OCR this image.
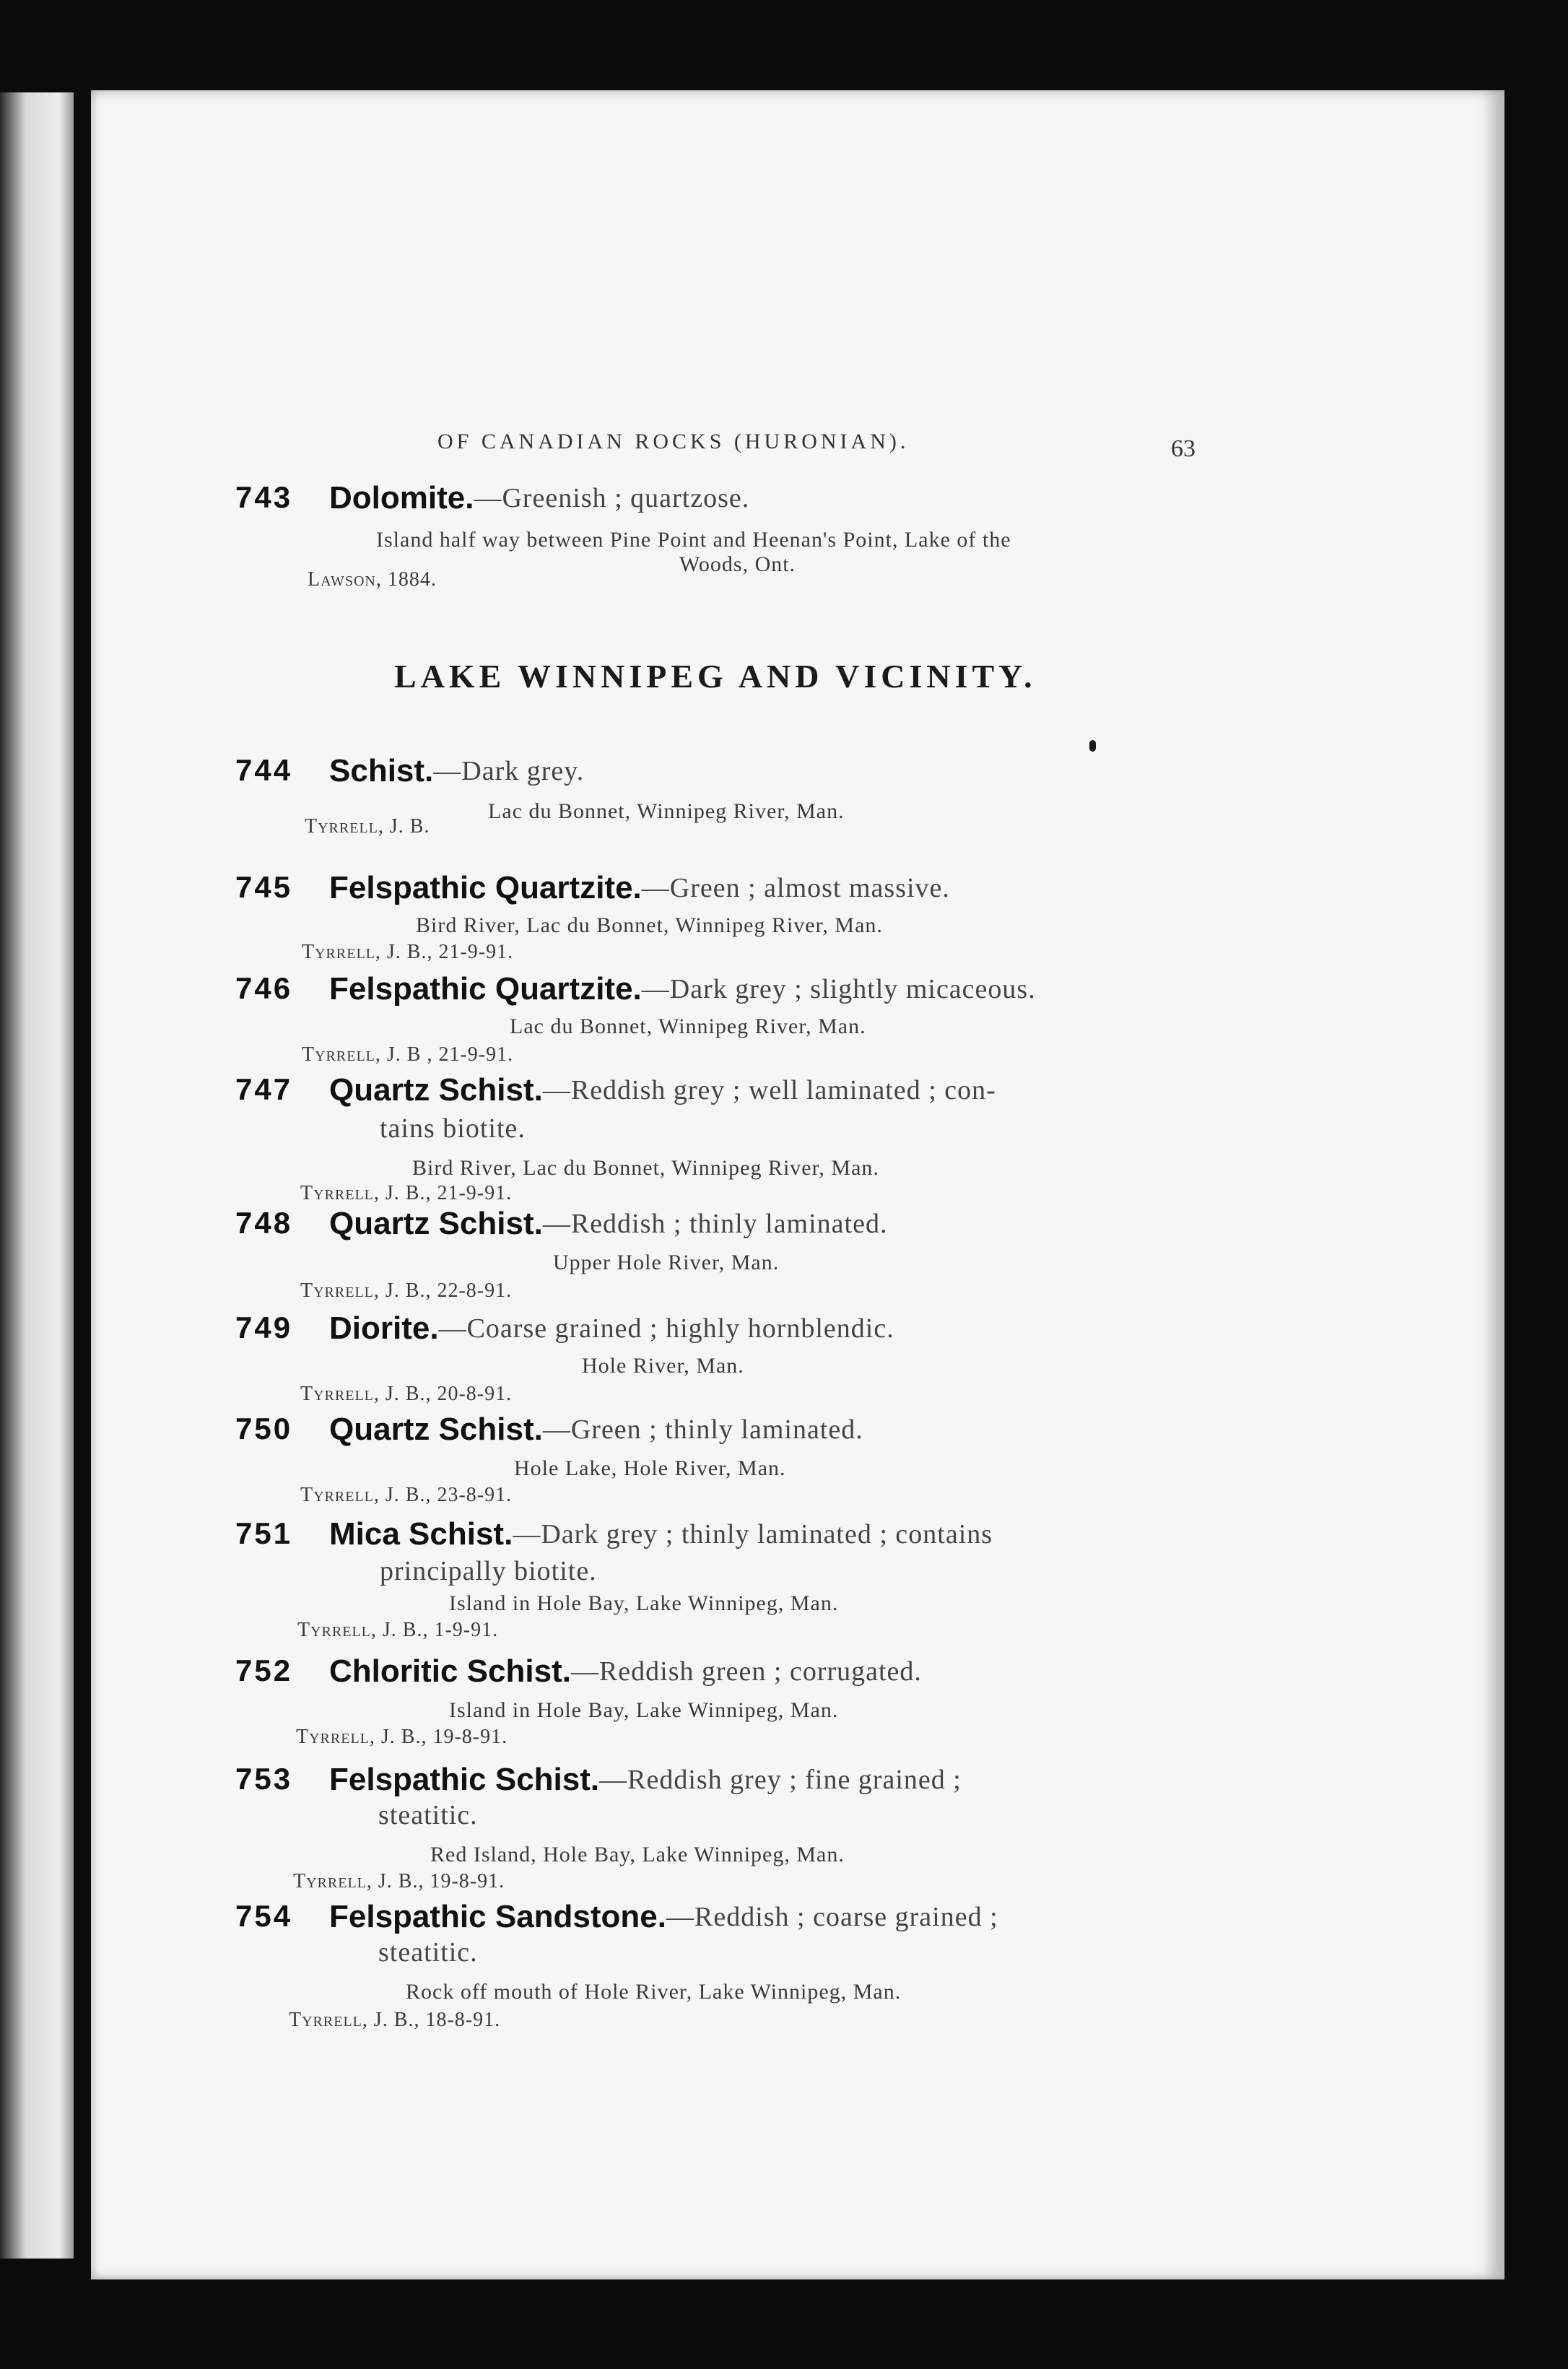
OF CANADIAN ROCKS (HURONIAN).	63
743	Dolomite.—Greenish ; quartzose.
Island half way between Pine Point and Heenan's Point, Lake of the
Woods, Ont.
Lawson, 1884.
LAKE WINNIPEG AND VICINITY.
744	Schist.—Dark grey.
Lac du Bonnet, Winnipeg River, Man.
Tyrrell, J. B.
745	Felspathic Quartzite.—Green ; almost massive.
Bird River, Lac du Bonnet, Winnipeg River, Man.
Tyrrell, J. B., 21-9-91.
746	Felspathic Quartzite.—Dark grey ; slightly micaceous.
Lac du Bonnet, Winnipeg River, Man.
Tyrrell, J. B , 21-9-91.
747	Quartz Schist.—Reddish grey ; well laminated ; con-
tains biotite.
Bird River, Lac du Bonnet, Winnipeg River, Man.
Tyrrell, J. B., 21-9-91.
748	Quartz Schist.—Reddish ; thinly laminated.
Upper Hole River, Man.
Tyrrell, J. B., 22-8-91.
749	Diorite.—Coarse grained ; highly hornblendic.
Hole River, Man.
Tyrrell, J. B., 20-8-91.
750	Quartz Schist.—Green ; thinly laminated.
Hole Lake, Hole River, Man.
Tyrrell, J. B., 23-8-91.
751	Mica Schist.—Dark grey ; thinly laminated ; contains
principally biotite.
Island in Hole Bay, Lake Winnipeg, Man.
Tyrrell, J. B., 1-9-91.
752	Chloritic Schist.—Reddish green ; corrugated.
Island in Hole Bay, Lake Winnipeg, Man.
Tyrrell, J. B., 19-8-91.
753	Felspathic Schist.—Reddish grey ; fine grained ;
steatitic.
Red Island, Hole Bay, Lake Winnipeg, Man.
Tyrrell, J. B., 19-8-91.
754	Felspathic Sandstone.—Reddish ; coarse grained ;
steatitic.
Rock off mouth of Hole River, Lake Winnipeg, Man.
Tyrrell, J. B., 18-8-91.
